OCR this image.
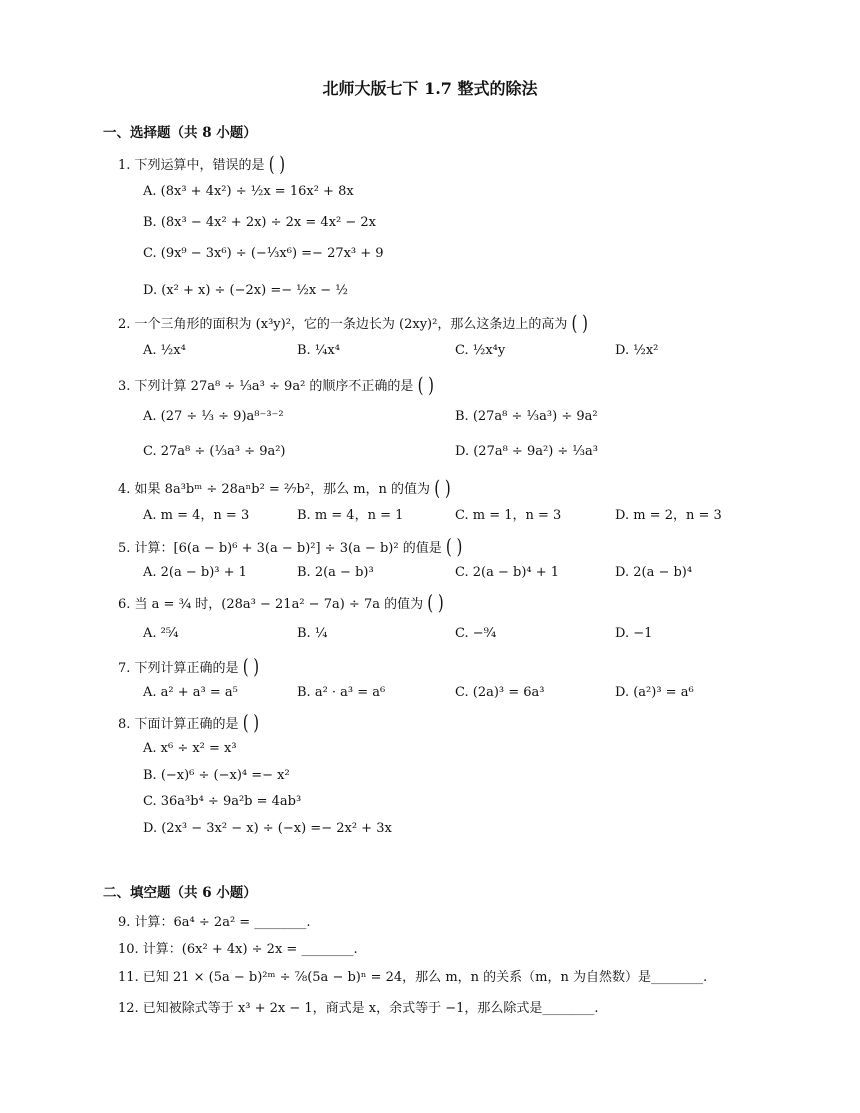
北师大版七下 1.7 整式的除法
一、选择题（共 8 小题）
1. 下列运算中，错误的是 ( )
A. (8x³ + 4x²) ÷ ½x = 16x² + 8x
B. (8x³ − 4x² + 2x) ÷ 2x = 4x² − 2x
C. (9x⁹ − 3x⁶) ÷ (−⅓x⁶) =− 27x³ + 9
D. (x² + x) ÷ (−2x) =− ½x − ½
2. 一个三角形的面积为 (x³y)²，它的一条边长为 (2xy)²，那么这条边上的高为 ( )
A. ½x⁴	B. ¼x⁴	C. ½x⁴y	D. ½x²
3. 下列计算 27a⁸ ÷ ⅓a³ ÷ 9a² 的顺序不正确的是 ( )
A. (27 ÷ ⅓ ÷ 9)a⁸⁻³⁻²	B. (27a⁸ ÷ ⅓a³) ÷ 9a²
C. 27a⁸ ÷ (⅓a³ ÷ 9a²)	D. (27a⁸ ÷ 9a²) ÷ ⅓a³
4. 如果 8a³bᵐ ÷ 28aⁿb² = ²⁄₇b²，那么 m，n 的值为 ( )
A. m = 4，n = 3	B. m = 4，n = 1	C. m = 1，n = 3	D. m = 2，n = 3
5. 计算：[6(a − b)⁶ + 3(a − b)²] ÷ 3(a − b)² 的值是 ( )
A. 2(a − b)³ + 1	B. 2(a − b)³	C. 2(a − b)⁴ + 1	D. 2(a − b)⁴
6. 当 a = ¾ 时，(28a³ − 21a² − 7a) ÷ 7a 的值为 ( )
A. ²⁵⁄₄	B. ¼	C. −⁹⁄₄	D. −1
7. 下列计算正确的是 ( )
A. a² + a³ = a⁵	B. a² · a³ = a⁶	C. (2a)³ = 6a³	D. (a²)³ = a⁶
8. 下面计算正确的是 ( )
A. x⁶ ÷ x² = x³
B. (−x)⁶ ÷ (−x)⁴ =− x²
C. 36a³b⁴ ÷ 9a²b = 4ab³
D. (2x³ − 3x² − x) ÷ (−x) =− 2x² + 3x
二、填空题（共 6 小题）
9. 计算：6a⁴ ÷ 2a² = ________.
10. 计算：(6x² + 4x) ÷ 2x = ________.
11. 已知 21 × (5a − b)²ᵐ ÷ ⁷⁄₈(5a − b)ⁿ = 24，那么 m，n 的关系（m，n 为自然数）是________.
12. 已知被除式等于 x³ + 2x − 1，商式是 x，余式等于 −1，那么除式是________.
